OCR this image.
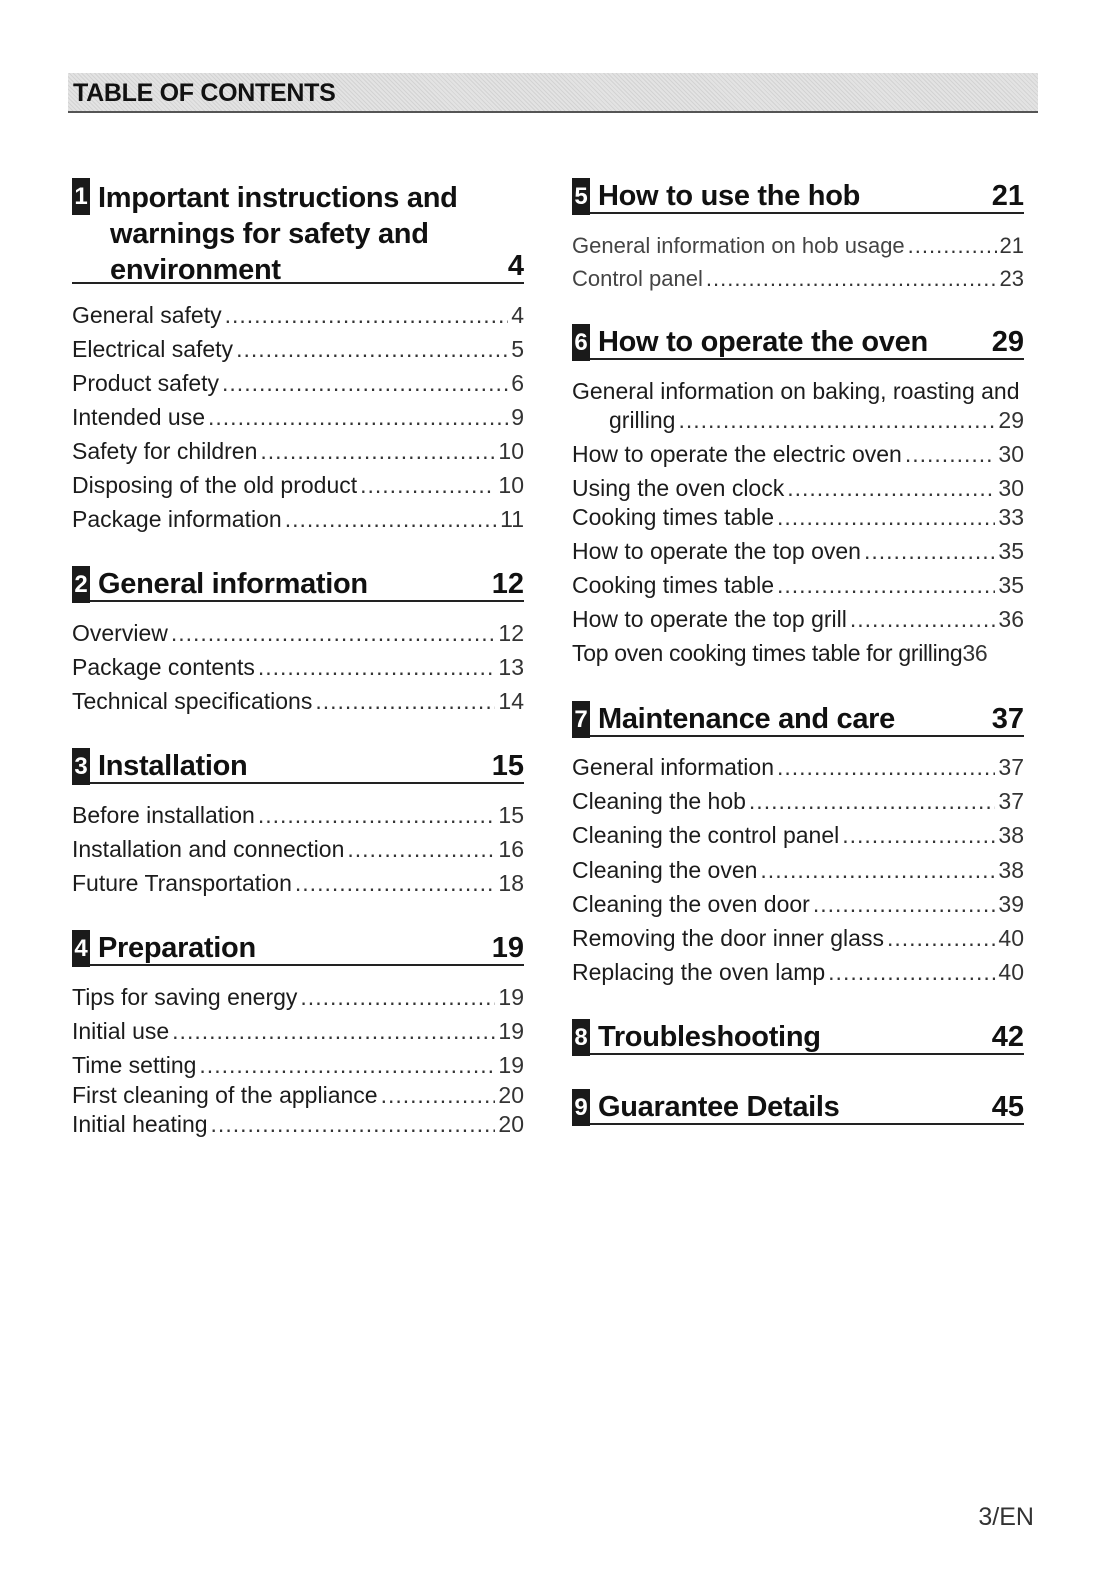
TABLE OF CONTENTS
1 Important instructions and
warnings for safety and
environment	4
General safety .....	4
Electrical safety .....	5
Product safety .....	6
Intended use .....	9
Safety for children .....	10
Disposing of the old product .....	10
Package information .....	11
2 General information	12
Overview .....	12
Package contents .....	13
Technical specifications .....	14
3 Installation	15
Before installation .....	15
Installation and connection .....	16
Future Transportation .....	18
4 Preparation	19
Tips for saving energy .....	19
Initial use .....	19
Time setting .....	19
First cleaning of the appliance .....	20
Initial heating .....	20
5 How to use the hob	21
General information on hob usage .....	21
Control panel .....	23
6 How to operate the oven 29
General information on baking, roasting and
grilling .....	29
How to operate the electric oven .....	30
Using the oven clock .....	30
Cooking times table .....	33
How to operate the top oven .....	35
Cooking times table .....	35
How to operate the top grill .....	36
Top oven cooking times table for grilling 36
7 Maintenance and care	37
General information .....	37
Cleaning the hob .....	37
Cleaning the control panel .....	38
Cleaning the oven .....	38
Cleaning the oven door .....	39
Removing the door inner glass .....	40
Replacing the oven lamp .....	40
8 Troubleshooting	42
9 Guarantee Details	45
3/EN
